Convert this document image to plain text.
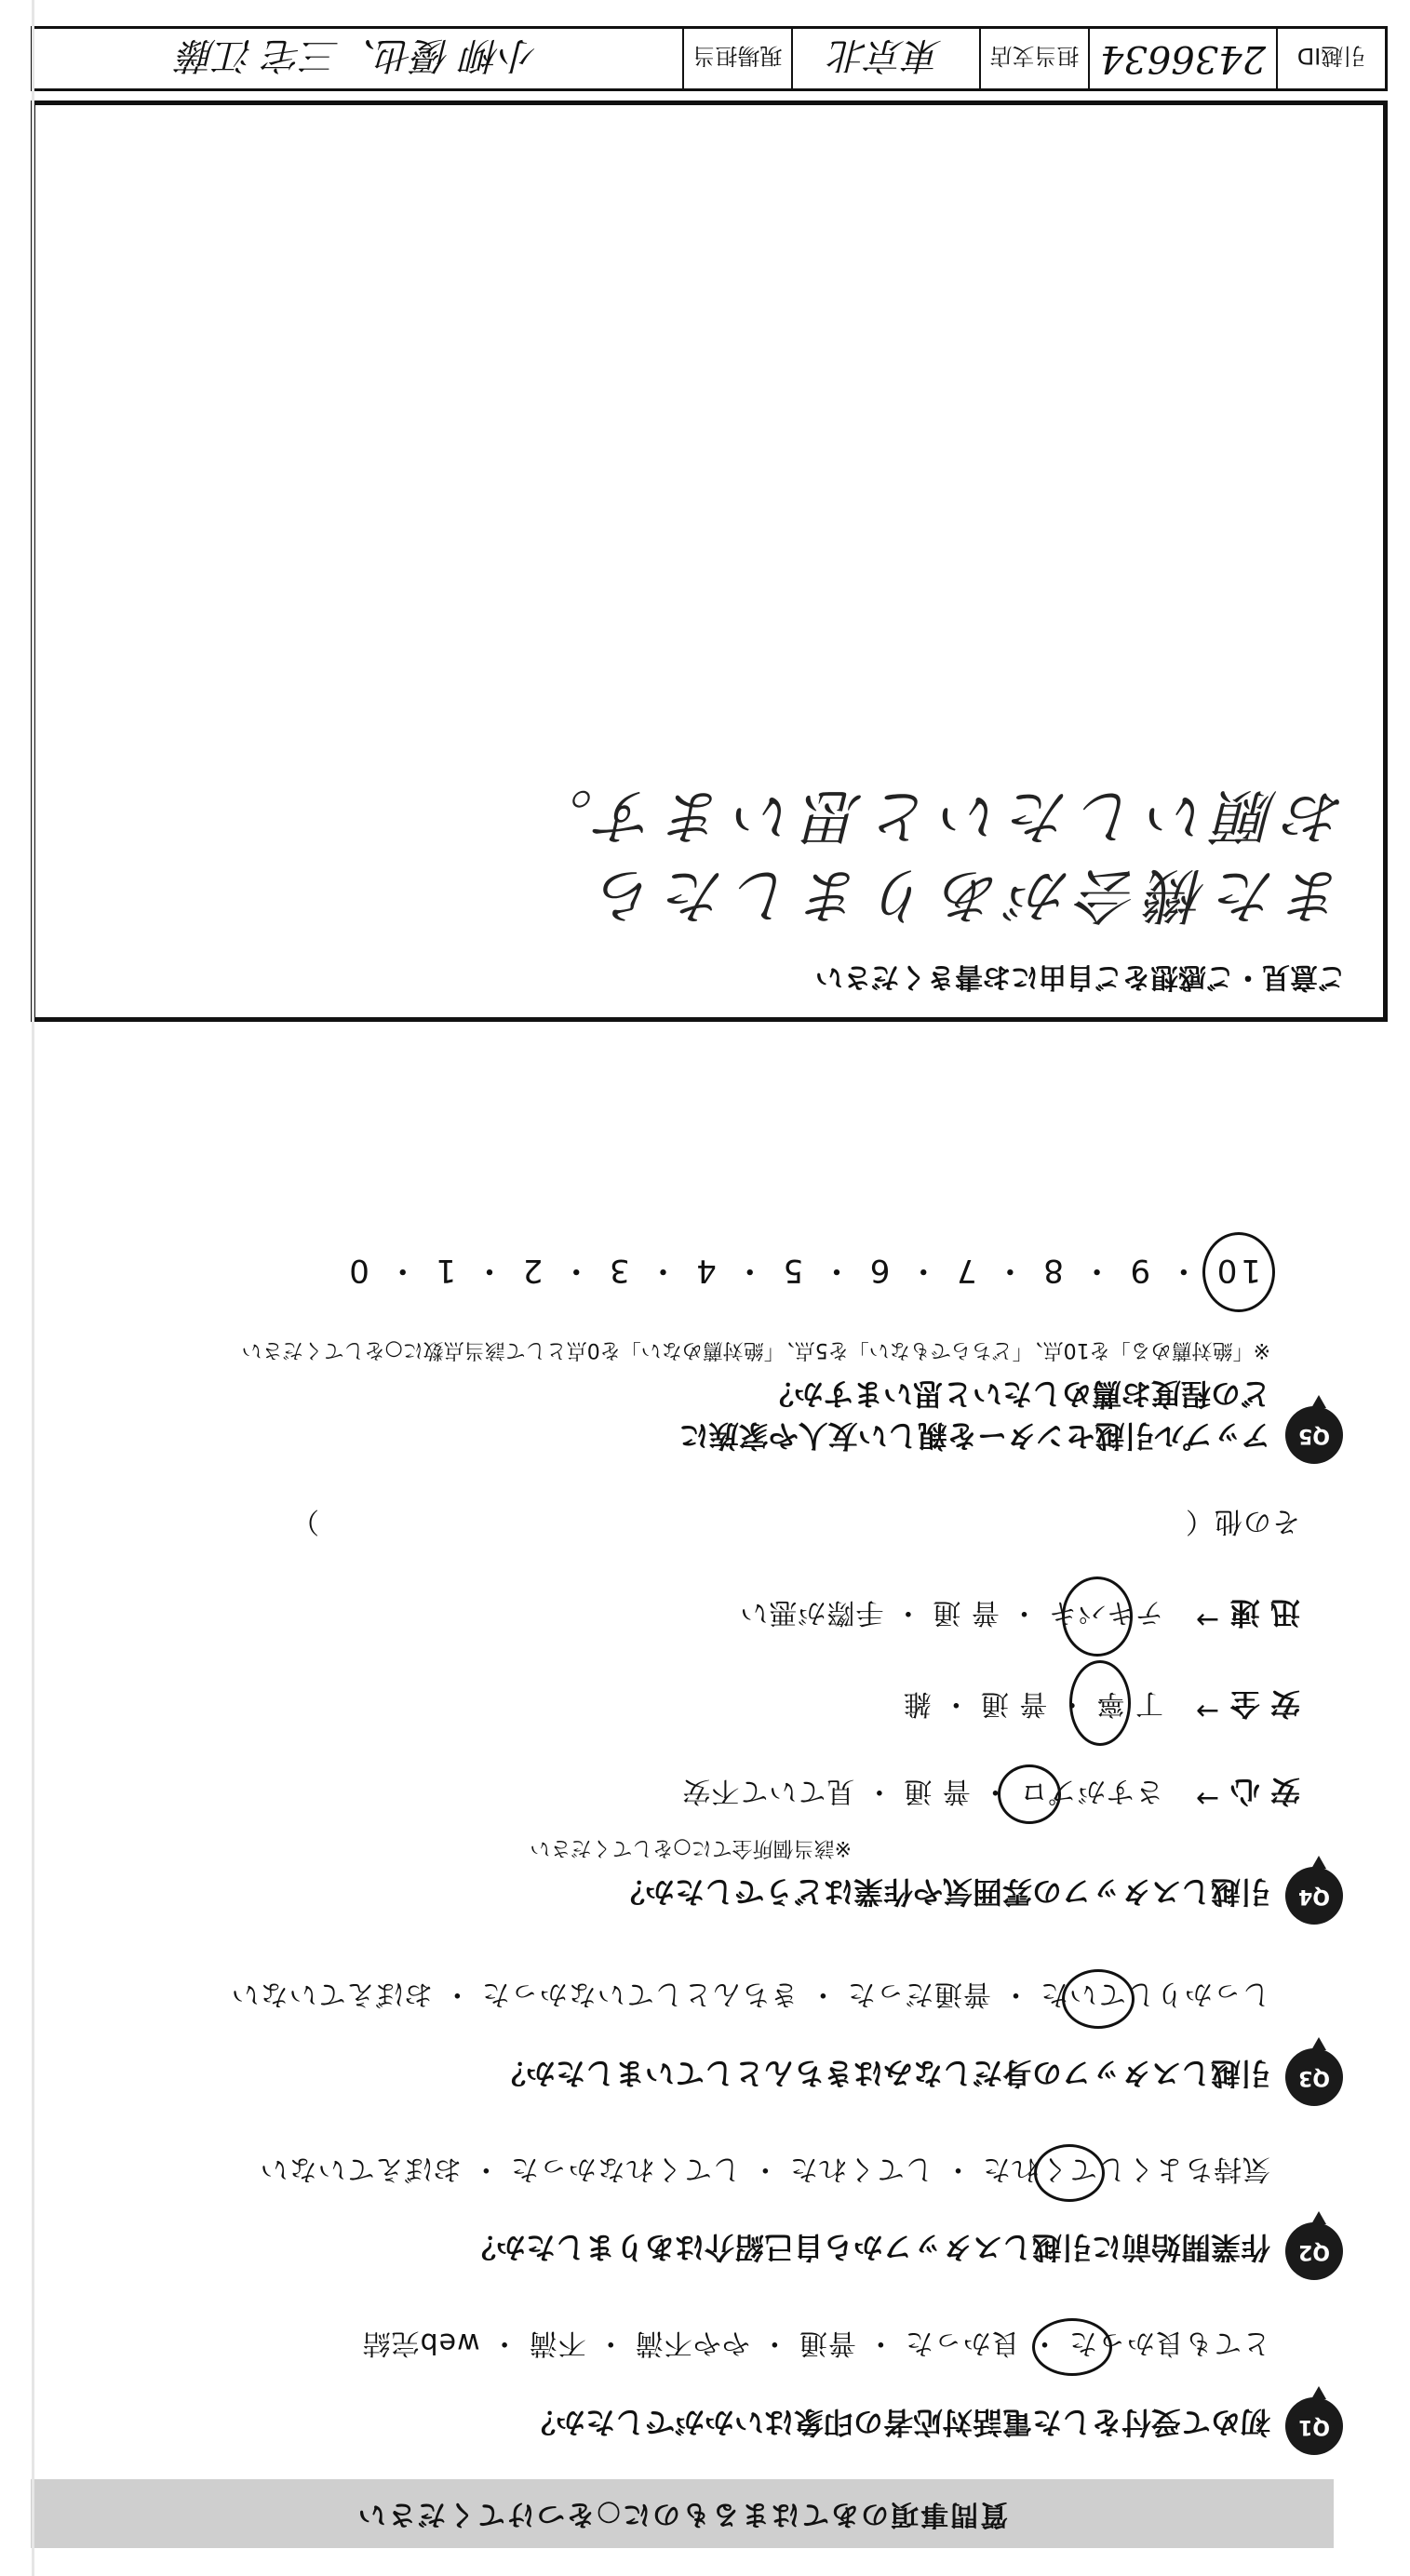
質問事項のあてはまるものに○をつけてください
Q1
初めて受付をした電話対応者の印象はいかがでしたか？
とても良かった ・ 良かった ・ 普通 ・ やや不満 ・ 不満 ・ web完結
Q2
作業開始前に引越しスタッフから自己紹介はありましたか？
気持ちよくしてくれた ・ してくれた ・ してくれなかった ・ おぼえていない
Q3
引越しスタッフの身だしなみはきちんとしていましたか？
しっかりしていた ・ 普通だった ・ きちんとしていなかった ・ おぼえていない
Q4
引越しスタッフの雰囲気や作業はどうでしたか？
※該当個所全てに○をしてください
安 心
→
さすがプロ ・ 普 通 ・ 見ていて不安
安 全
→
丁 寧 ・ 普 通 ・ 雑
迅 速
→
テキパキ ・ 普 通 ・ 手際が悪い
その他（　　　　　　　　　　　　　　　　　　　　　　　　　　　　　　）
Q5
アップル引越センターを親しい友人や家族に
どの程度お薦めしたいと思いますか？
※「絶対薦める」を10点、「どちらでもない」を5点、「絶対薦めない」を0点として該当点数に○をしてください
10 ・ 9 ・ 8 ・ 7 ・ 6 ・ 5 ・ 4 ・ 3 ・ 2 ・ 1 ・ 0
ご意見・ご感想をご自由にお書きください
また機会がありましたら
お願いしたいと思います。
引越ID
2436634
担当支店
東京北
現場担当
小柳 優也、三宅 江藤
